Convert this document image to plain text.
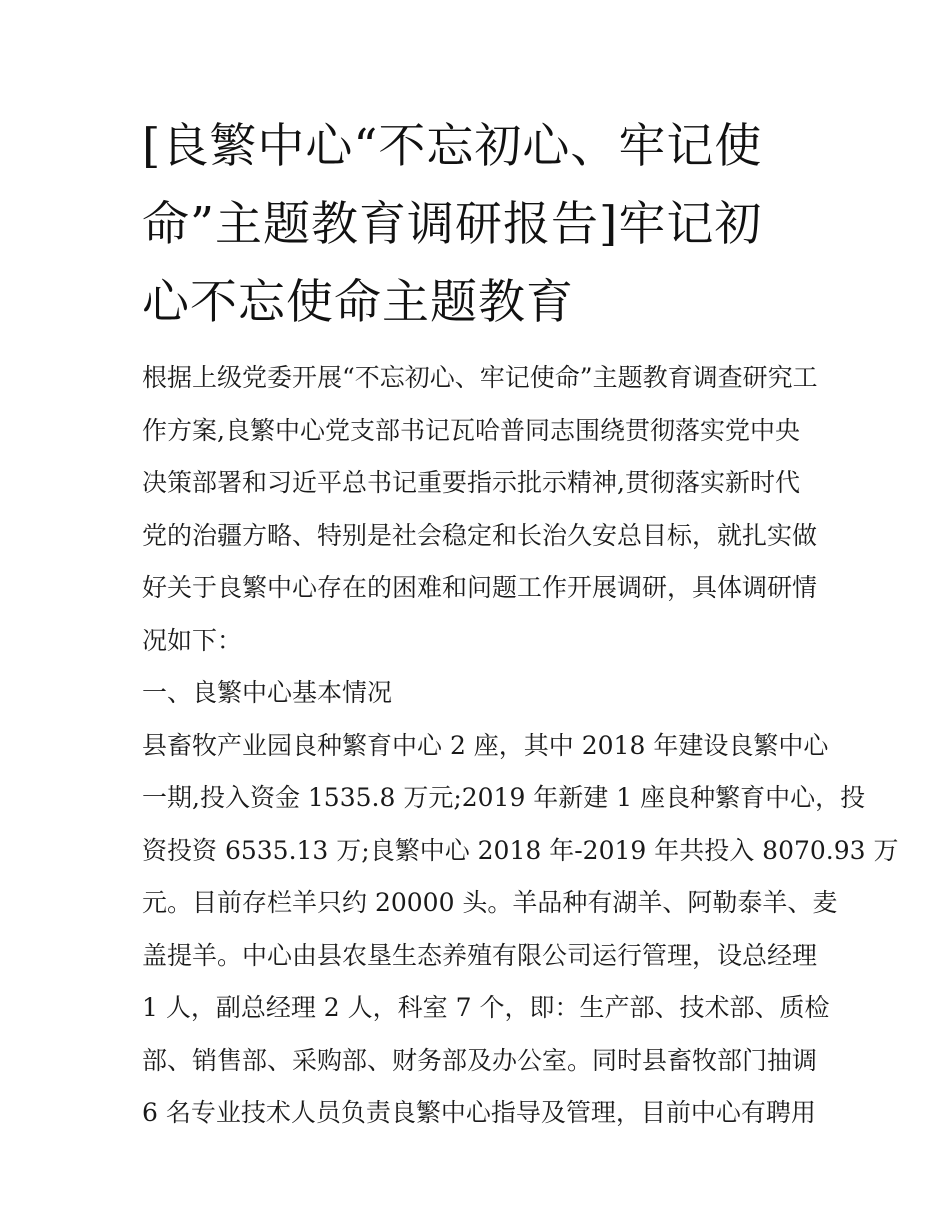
[良繁中心“不忘初心、牢记使
命”主题教育调研报告]牢记初
心不忘使命主题教育
根据上级党委开展“不忘初心、牢记使命”主题教育调查研究工
作方案,良繁中心党支部书记瓦哈普同志围绕贯彻落实党中央
决策部署和习近平总书记重要指示批示精神,贯彻落实新时代
党的治疆方略、特别是社会稳定和长治久安总目标，就扎实做
好关于良繁中心存在的困难和问题工作开展调研，具体调研情
况如下：
一、良繁中心基本情况
县畜牧产业园良种繁育中心 2 座，其中 2018 年建设良繁中心
一期,投入资金 1535.8 万元;2019 年新建 1 座良种繁育中心，投
资投资 6535.13 万;良繁中心 2018 年-2019 年共投入 8070.93 万
元。目前存栏羊只约 20000 头。羊品种有湖羊、阿勒泰羊、麦
盖提羊。中心由县农垦生态养殖有限公司运行管理，设总经理
1 人，副总经理 2 人，科室 7 个，即：生产部、技术部、质检
部、销售部、采购部、财务部及办公室。同时县畜牧部门抽调
6 名专业技术人员负责良繁中心指导及管理，目前中心有聘用
